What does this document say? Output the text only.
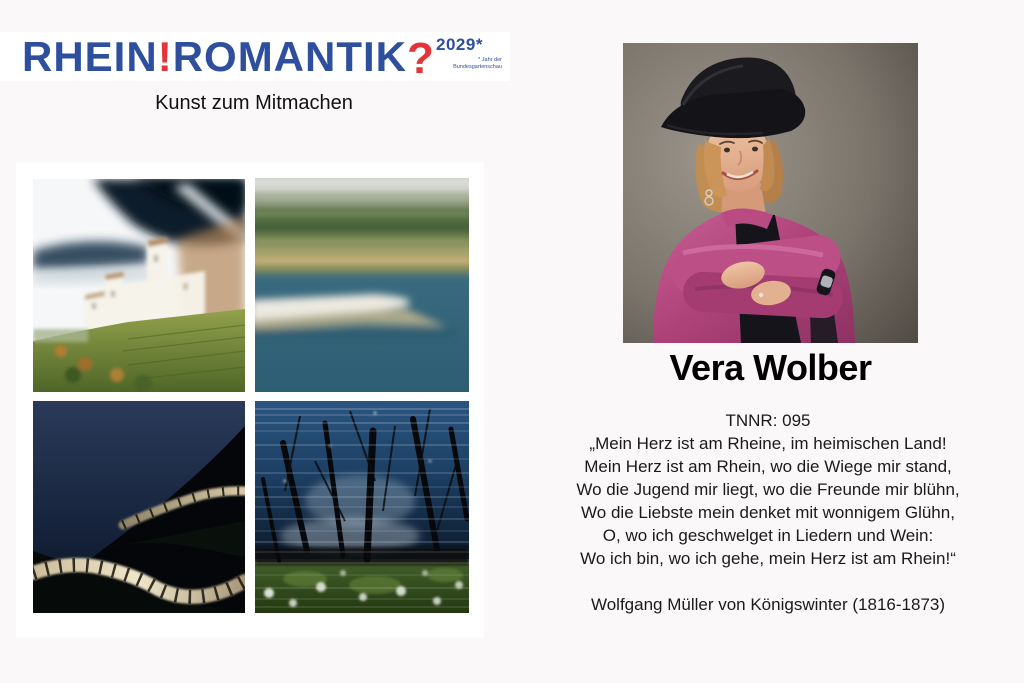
RHEIN!ROMANTIK? 2029*
* Jahr der
Bundesgartenschau
Kunst zum Mitmachen
Vera Wolber
TNNR: 095
„Mein Herz ist am Rheine, im heimischen Land!
Mein Herz ist am Rhein, wo die Wiege mir stand,
Wo die Jugend mir liegt, wo die Freunde mir blühn,
Wo die Liebste mein denket mit wonnigem Glühn,
O, wo ich geschwelget in Liedern und Wein:
Wo ich bin, wo ich gehe, mein Herz ist am Rhein!“
Wolfgang Müller von Königswinter (1816-1873)
